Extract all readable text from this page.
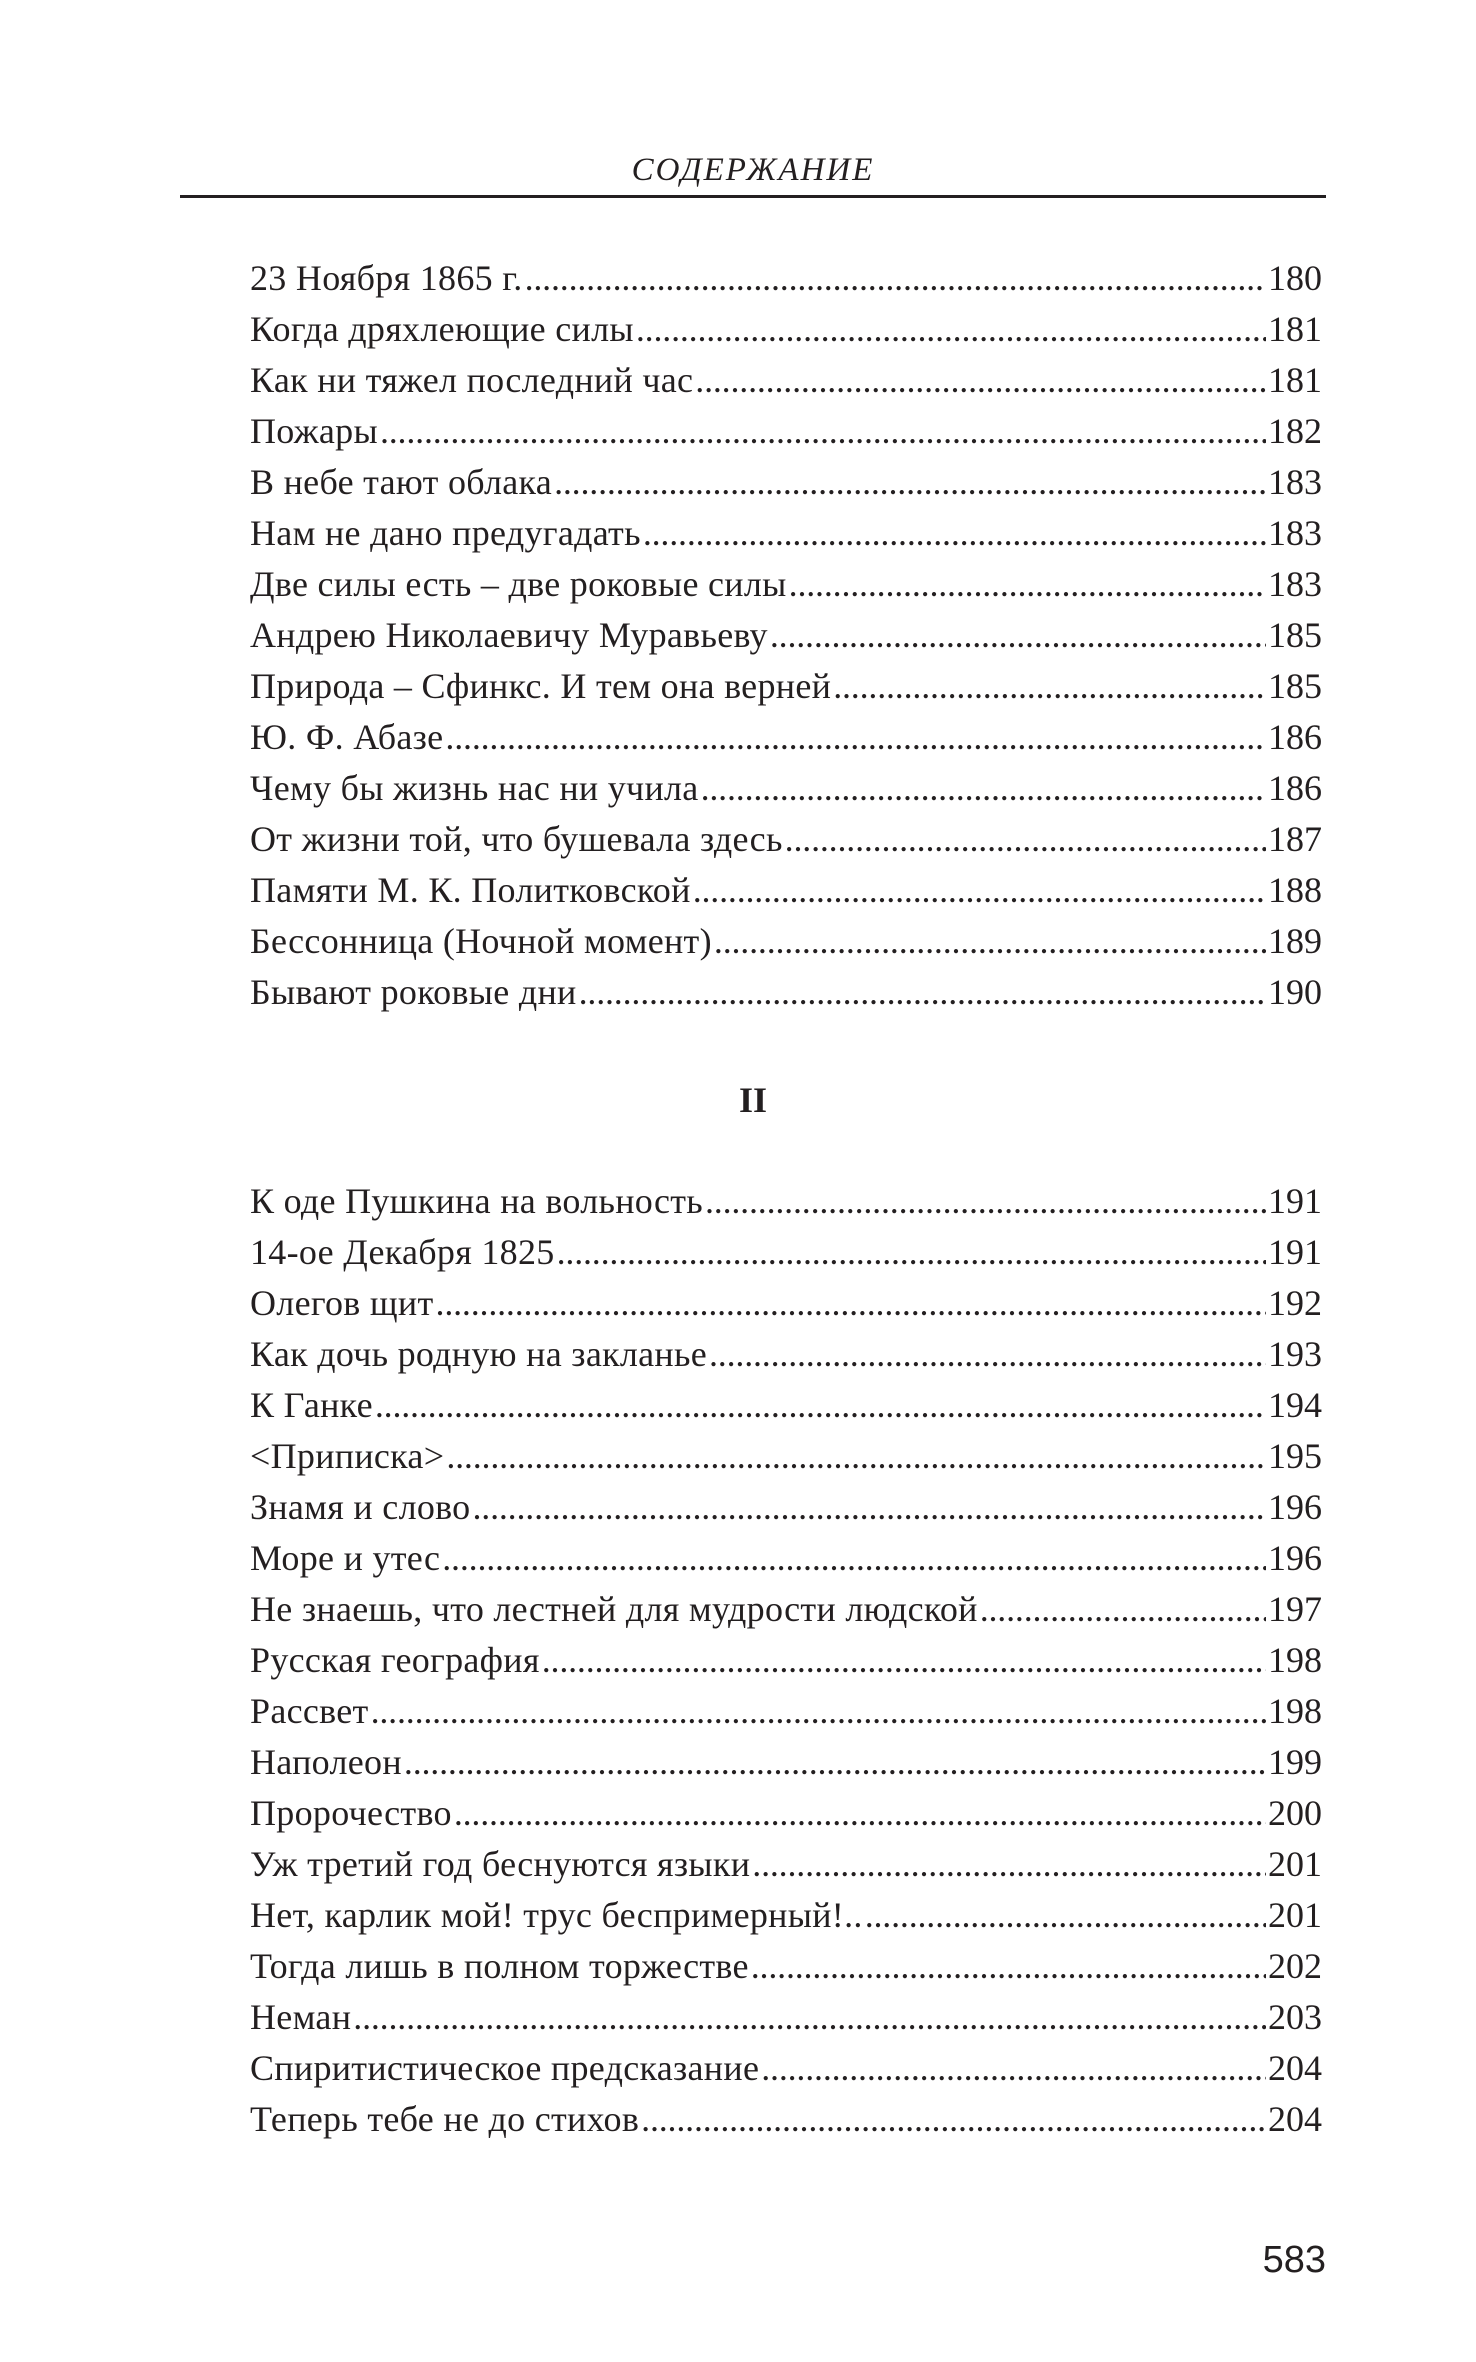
СОДЕРЖАНИЕ
23 Ноября 1865 г. . . .	180
Когда дряхлеющие силы . . .	181
Как ни тяжел последний час . . .	181
Пожары . . .	182
В небе тают облака . . .	183
Нам не дано предугадать . . .	183
Две силы есть – две роковые силы . . .	183
Андрею Николаевичу Муравьеву . . .	185
Природа – Сфинкс. И тем она верней . . .	185
Ю. Ф. Абазе . . .	186
Чему бы жизнь нас ни учила . . .	186
От жизни той, что бушевала здесь . . .	187
Памяти М. К. Политковской . . .	188
Бессонница (Ночной момент) . . .	189
Бывают роковые дни . . .	190
II
К оде Пушкина на вольность . . .	191
14-ое Декабря 1825 . . .	191
Олегов щит . . .	192
Как дочь родную на закланье . . .	193
К Ганке . . .	194
<Приписка> . . .	195
Знамя и слово . . .	196
Море и утес . . .	196
Не знаешь, что лестней для мудрости людской . . .	197
Русская география . . .	198
Рассвет . . .	198
Наполеон . . .	199
Пророчество . . .	200
Уж третий год беснуются языки . . .	201
Нет, карлик мой! трус беспримерный!.. . . .	201
Тогда лишь в полном торжестве . . .	202
Неман . . .	203
Спиритистическое предсказание . . .	204
Теперь тебе не до стихов . . .	204
583
